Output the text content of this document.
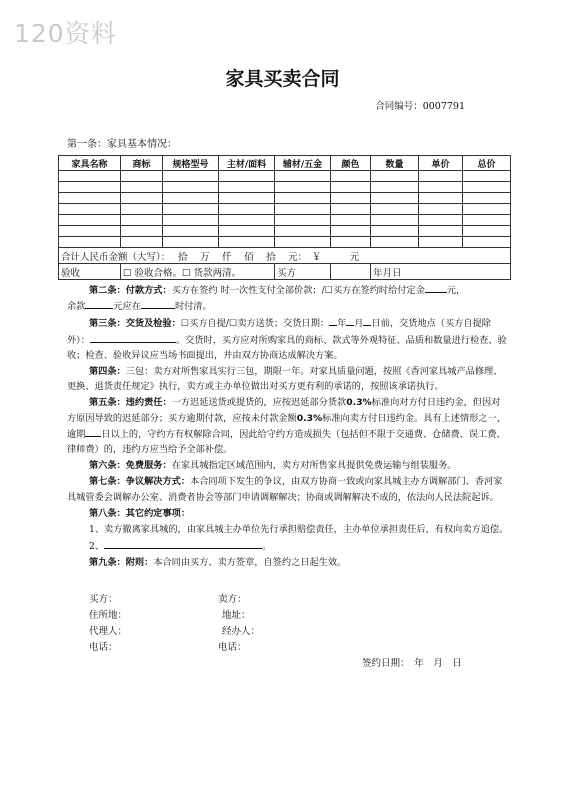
120资料
家具买卖合同
合同编号：0007791
第一条：家具基本情况：
家具名称	商标	规格型号	主材/面料	辅材/五金	颜色	数量	单价	总价

合计人民币金额（大写）：　 拾　 万　 仟　 佰　 拾　 元：　￥　　　元								
验收	☐ 验收合格。☐ 货款两清。			买方		年月日		

第二条：付款方式：买方在签约 时一次性支付全部价款；/☐买方在签约时给付定金 元，
余款	元应在	时付清。

第三条：交货及检验：☐买方自提/☐卖方送货；交货日期： 年 月 日前，交货地点（买方自提除外）：	。交货时，买方应对所购家具的商标、款式等外观特征、品质和数量进行检查、验收；检查、验收异议应当场书面提出，并由双方协商达成解决方案。

第四条：三包：卖方对所售家具实行三包，期限一年。对家具质量问题，按照《香河家具城产品修理、更换、退货责任规定》执行，卖方或主办单位做出对买方更有利的承诺的，按照该承诺执行。

第五条：违约责任：一方迟延送货或提货的，应按迟延部分货款0.3%标准向对方付日违约金，但因对方原因导致的迟延部分；买方逾期付款，应按未付款金额0.3%标准向卖方付日违约金。具有上述情形之一，逾期 日以上的，守约方有权解除合同，因此给守约方造成损失（包括但不限于交通费、仓储费、误工费、律师费）的，违约方应当给予全部补偿。

第六条：免费服务：在家具城指定区域范围内，卖方对所售家具提供免费运输与组装服务。

第七条：争议解决方式：本合同项下发生的争议，由双方协商一致或向家具城主办方调解部门、香河家具城管委会调解办公室、消费者协会等部门申请调解解决；协商或调解解决不成的，依法向人民法院起诉。

第八条：其它约定事项：

1、卖方撤离家具城的，由家具城主办单位先行承担赔偿责任，主办单位承担责任后，有权向卖方追偿。

2、	。

第九条：附则：本合同由买方、卖方签章，自签约之日起生效。

买方：	卖方：
住所地：	地址：
代理人：	经办人：
电话：	电话：
签约日期：　年　月　日
